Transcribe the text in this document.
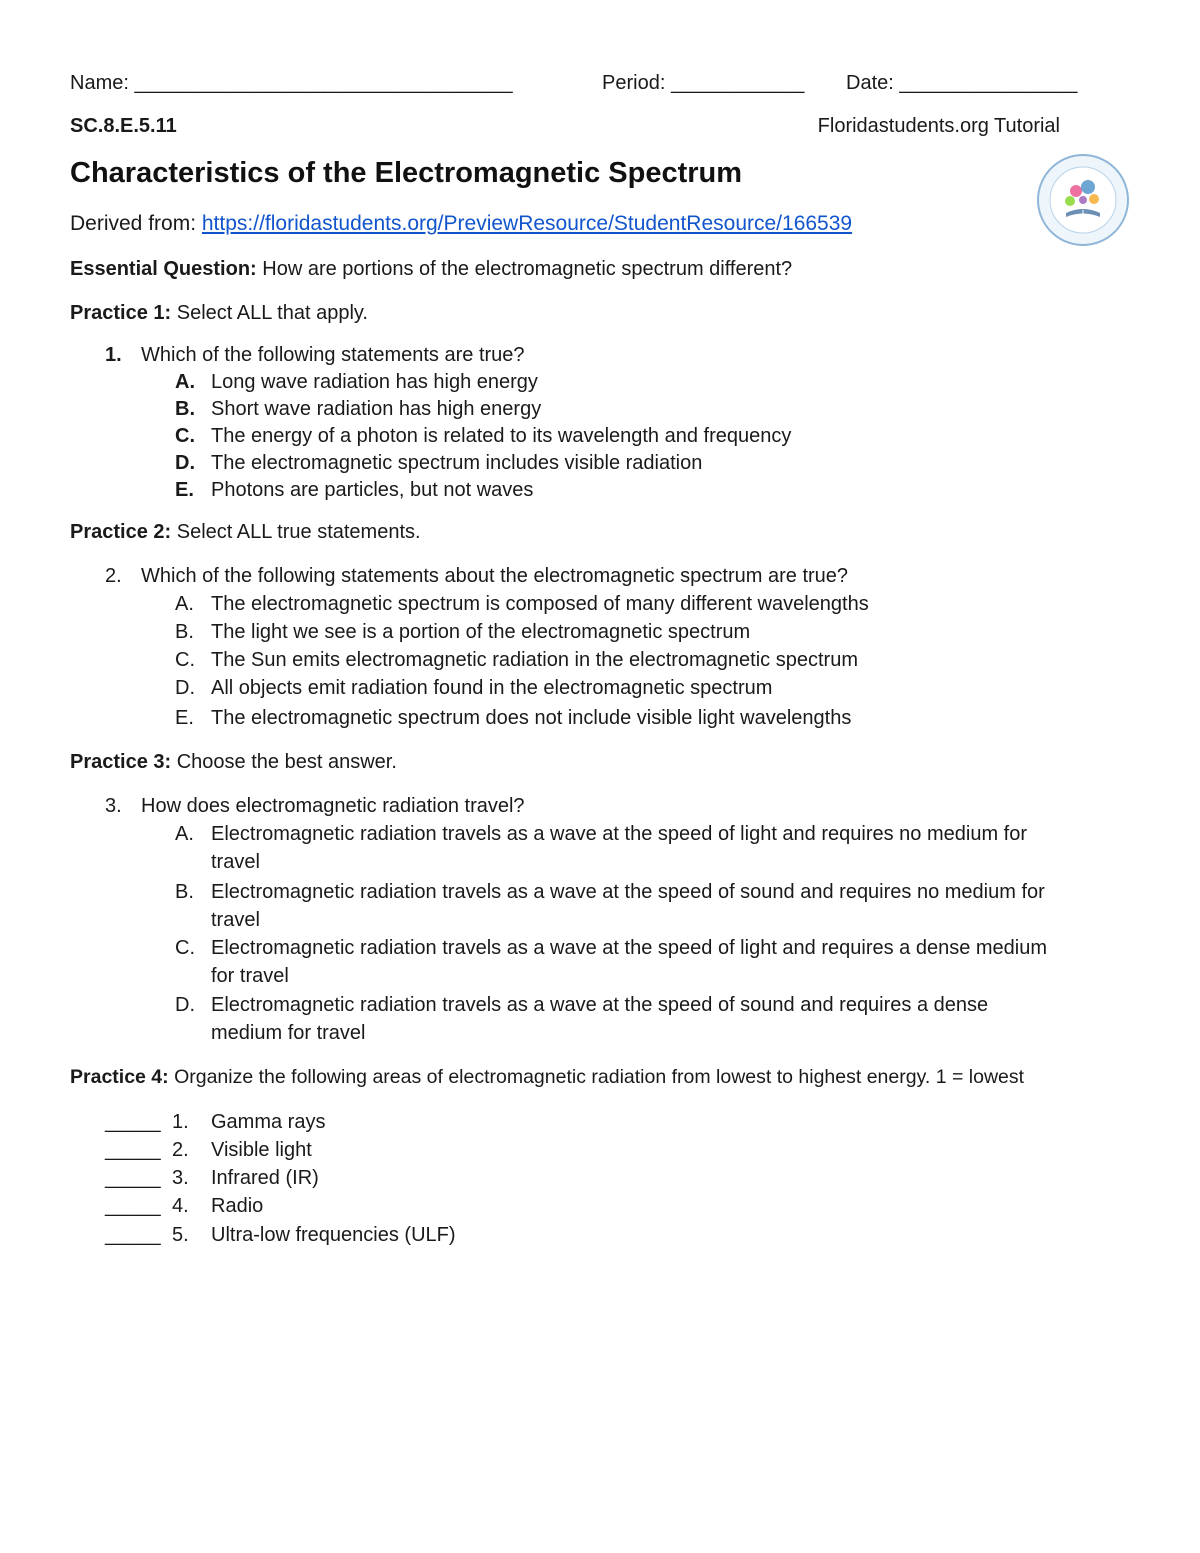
Name: __________________________________	Period: ____________ Date: ________________
SC.8.E.5.11	Floridastudents.org Tutorial
Characteristics of the Electromagnetic Spectrum
Derived from: https://floridastudents.org/PreviewResource/StudentResource/166539
Essential Question: How are portions of the electromagnetic spectrum different?
Practice 1: Select ALL that apply.
1. Which of the following statements are true?
A. Long wave radiation has high energy
B. Short wave radiation has high energy
C. The energy of a photon is related to its wavelength and frequency
D. The electromagnetic spectrum includes visible radiation
E. Photons are particles, but not waves
Practice 2: Select ALL true statements.
2. Which of the following statements about the electromagnetic spectrum are true?
A. The electromagnetic spectrum is composed of many different wavelengths
B. The light we see is a portion of the electromagnetic spectrum
C. The Sun emits electromagnetic radiation in the electromagnetic spectrum
D. All objects emit radiation found in the electromagnetic spectrum
E. The electromagnetic spectrum does not include visible light wavelengths
Practice 3: Choose the best answer.
3. How does electromagnetic radiation travel?
A. Electromagnetic radiation travels as a wave at the speed of light and requires no medium for
travel
B. Electromagnetic radiation travels as a wave at the speed of sound and requires no medium for
travel
C. Electromagnetic radiation travels as a wave at the speed of light and requires a dense medium
for travel
D. Electromagnetic radiation travels as a wave at the speed of sound and requires a dense
medium for travel
Practice 4: Organize the following areas of electromagnetic radiation from lowest to highest energy. 1 = lowest
_____ 1. Gamma rays
_____ 2. Visible light
_____ 3. Infrared (IR)
_____ 4. Radio
_____ 5. Ultra-low frequencies (ULF)
